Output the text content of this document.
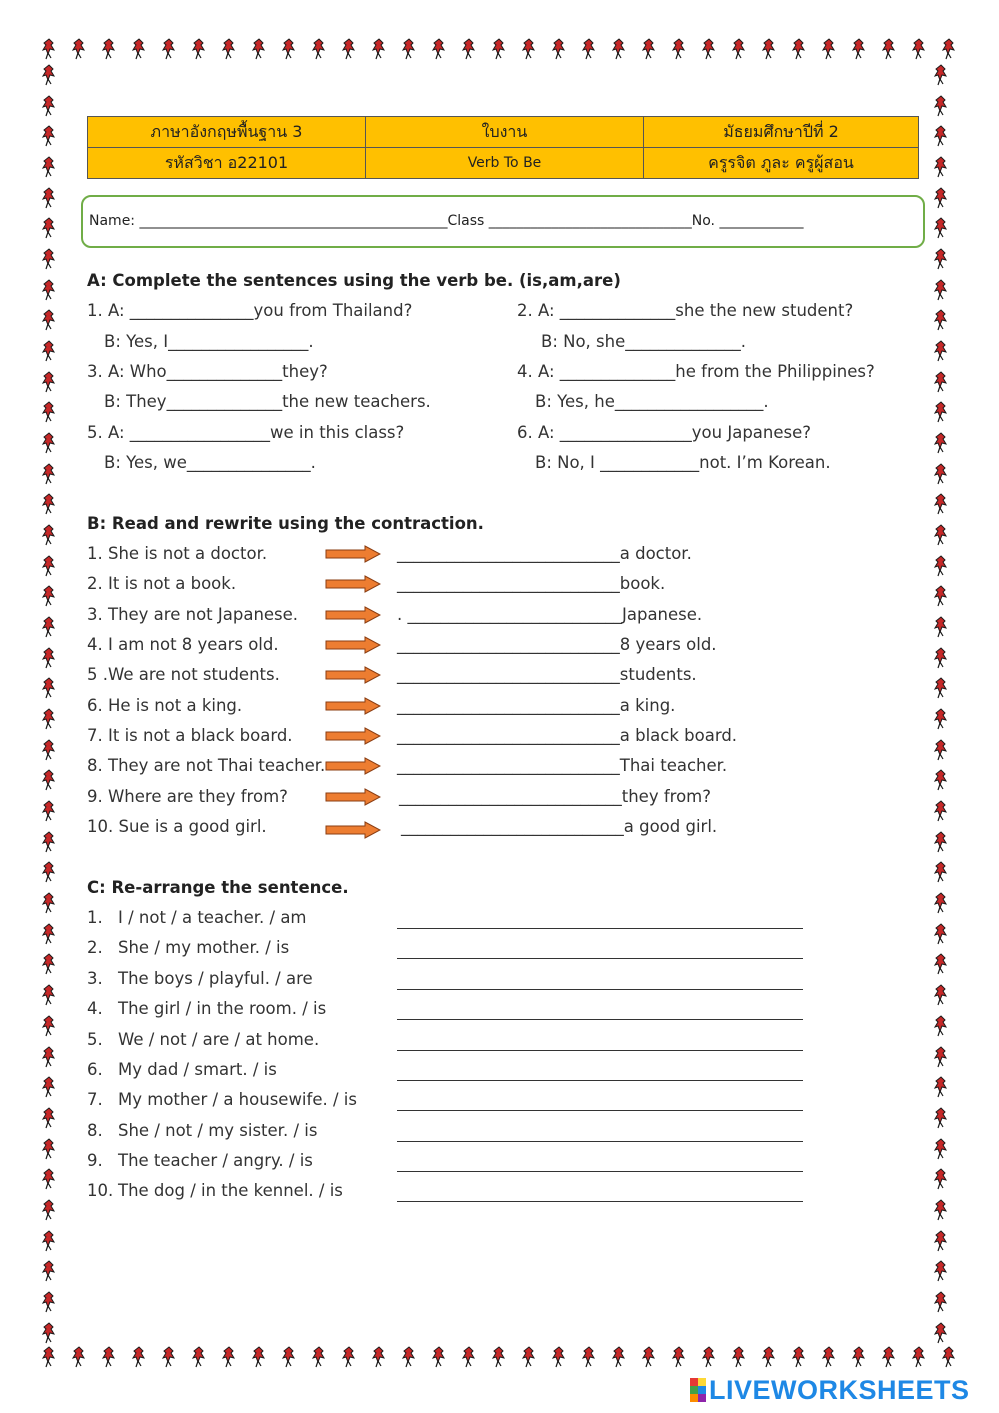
ภาษาอังกฤษพื้นฐาน 3	ใบงาน	มัธยมศึกษาปีที่ 2
รหัสวิชา อ22101	Verb To Be	ครูรจิต ภูละ ครูผู้สอน
Name: ____________________________________________Class _____________________________No. ____________
A: Complete the sentences using the verb be. (is,am,are)
1. A: _______________you from Thailand?	2. A: ______________she the new student?
B: Yes, I_________________.	B: No, she______________.
3. A: Who______________they?	4. A: ______________he from the Philippines?
B: They______________the new teachers.	B: Yes, he__________________.
5. A: _________________we in this class?	6. A: ________________you Japanese?
B: Yes, we_______________.	B: No, I ____________not. I’m Korean.
B: Read and rewrite using the contraction.
1. She is not a doctor.	___________________________a doctor.
2. It is not a book.	___________________________book.
3. They are not Japanese.	. __________________________Japanese.
4. I am not 8 years old.	___________________________8 years old.
5 .We are not students.	___________________________students.
6. He is not a king.	___________________________a king.
7. It is not a black board.	___________________________a black board.
8. They are not Thai teacher.	___________________________Thai teacher.
9. Where are they from?	___________________________they from?
10. Sue is a good girl.	___________________________a good girl.
C: Re-arrange the sentence.
1. I / not / a teacher. / am
2. She / my mother. / is
3. The boys / playful. / are
4. The girl / in the room. / is
5. We / not / are / at home.
6. My dad / smart. / is
7. My mother / a housewife. / is
8. She / not / my sister. / is
9. The teacher / angry. / is
10. The dog / in the kennel. / is
LIVEWORKSHEETS
